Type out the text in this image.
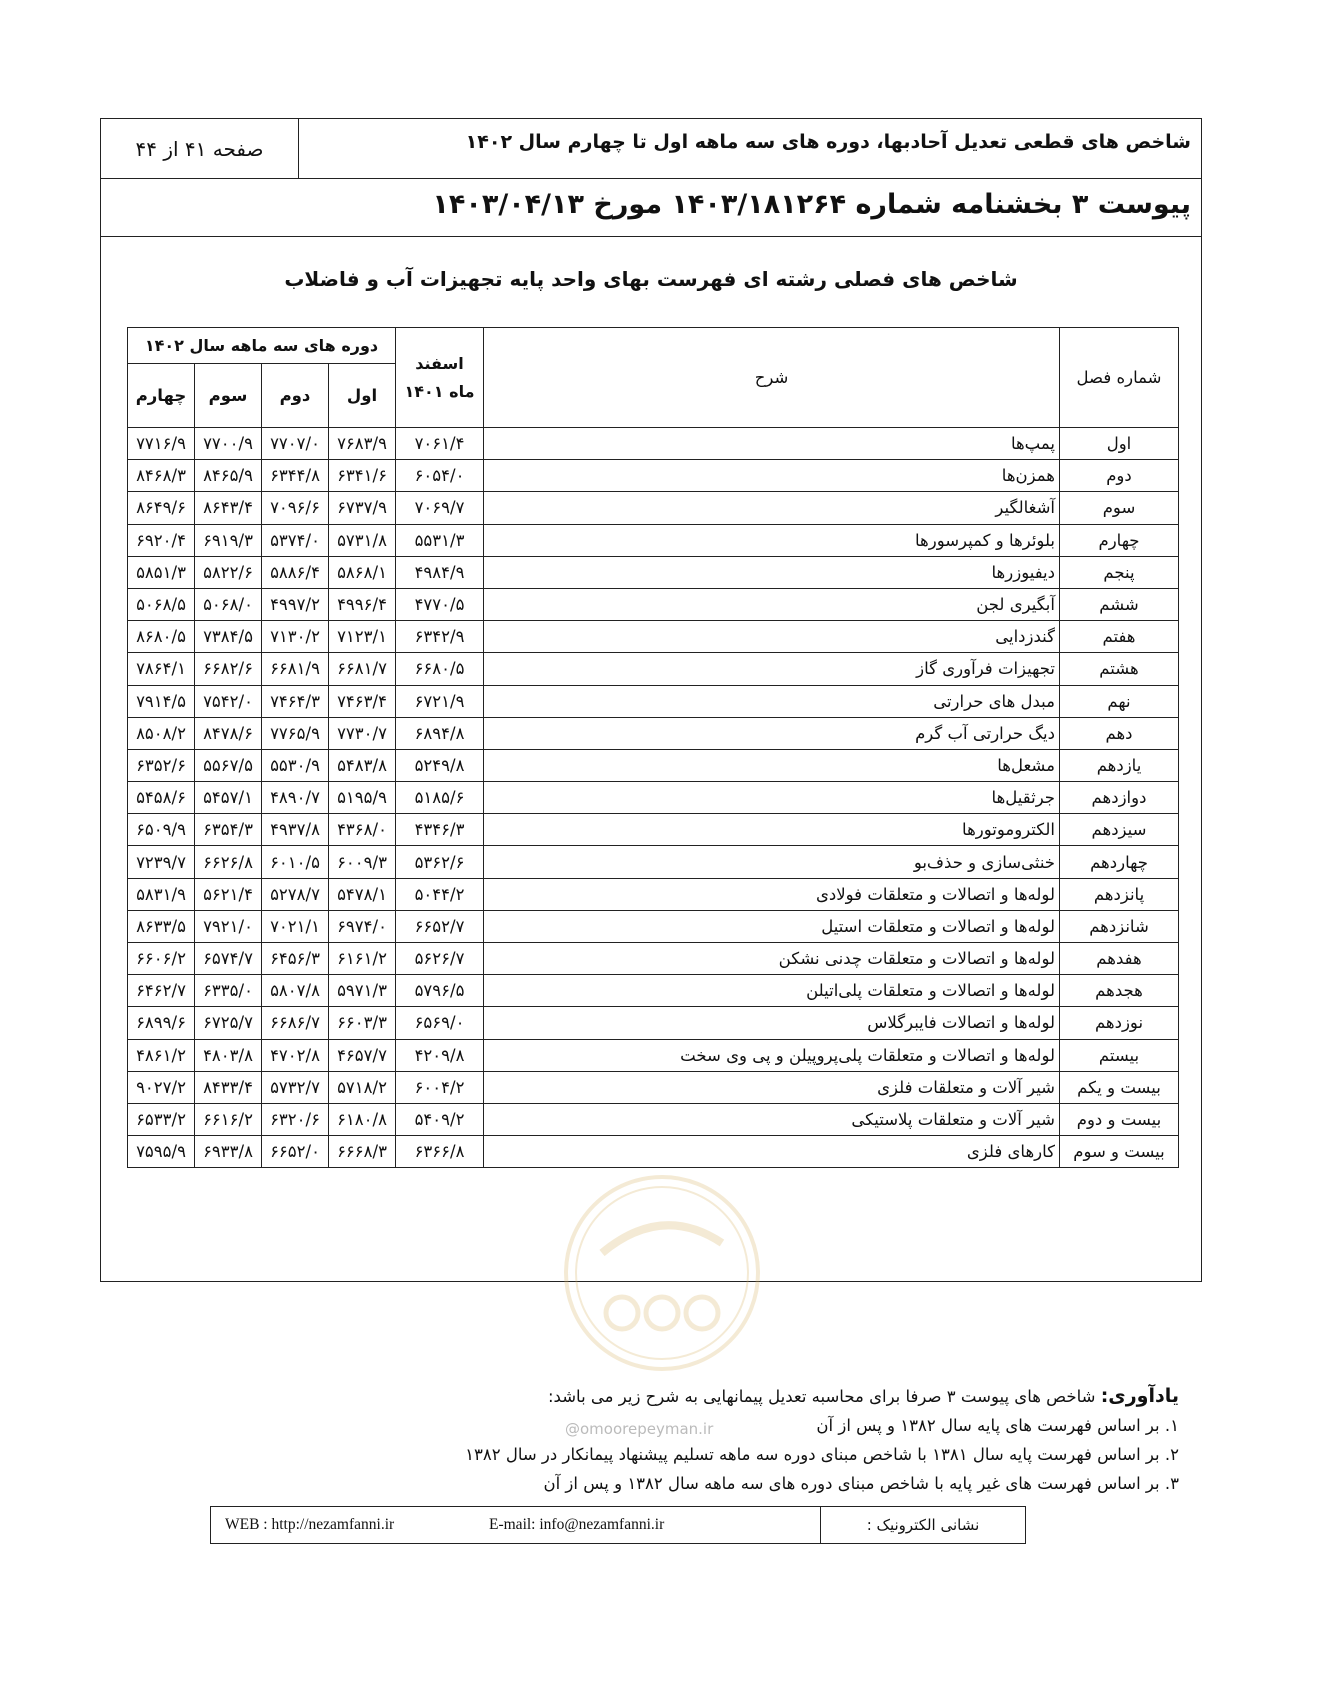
شاخص های قطعی تعدیل آحادبها، دوره های سه ماهه اول تا چهارم سال ۱۴۰۲
صفحه ۴۱ از ۴۴
پیوست ۳ بخشنامه شماره ۱۴۰۳/۱۸۱۲۶۴ مورخ ۱۴۰۳/۰۴/۱۳
شاخص های فصلی رشته ای فهرست بهای واحد پایه تجهیزات آب و فاضلاب
شماره فصل	شرح	اسفند ماه ۱۴۰۱	دوره های سه ماهه سال ۱۴۰۲			
			اول	دوم	سوم	چهارم
اول	پمپ‌ها	۷۰۶۱/۴	۷۶۸۳/۹	۷۷۰۷/۰	۷۷۰۰/۹	۷۷۱۶/۹
دوم	همزن‌ها	۶۰۵۴/۰	۶۳۴۱/۶	۶۳۴۴/۸	۸۴۶۵/۹	۸۴۶۸/۳
سوم	آشغالگیر	۷۰۶۹/۷	۶۷۳۷/۹	۷۰۹۶/۶	۸۶۴۳/۴	۸۶۴۹/۶
چهارم	بلوئرها و کمپرسورها	۵۵۳۱/۳	۵۷۳۱/۸	۵۳۷۴/۰	۶۹۱۹/۳	۶۹۲۰/۴
پنجم	دیفیوزرها	۴۹۸۴/۹	۵۸۶۸/۱	۵۸۸۶/۴	۵۸۲۲/۶	۵۸۵۱/۳
ششم	آبگیری لجن	۴۷۷۰/۵	۴۹۹۶/۴	۴۹۹۷/۲	۵۰۶۸/۰	۵۰۶۸/۵
هفتم	گندزدایی	۶۳۴۲/۹	۷۱۲۳/۱	۷۱۳۰/۲	۷۳۸۴/۵	۸۶۸۰/۵
هشتم	تجهیزات فرآوری گاز	۶۶۸۰/۵	۶۶۸۱/۷	۶۶۸۱/۹	۶۶۸۲/۶	۷۸۶۴/۱
نهم	مبدل های حرارتی	۶۷۲۱/۹	۷۴۶۳/۴	۷۴۶۴/۳	۷۵۴۲/۰	۷۹۱۴/۵
دهم	دیگ حرارتی آب گرم	۶۸۹۴/۸	۷۷۳۰/۷	۷۷۶۵/۹	۸۴۷۸/۶	۸۵۰۸/۲
یازدهم	مشعل‌ها	۵۲۴۹/۸	۵۴۸۳/۸	۵۵۳۰/۹	۵۵۶۷/۵	۶۳۵۲/۶
دوازدهم	جرثقیل‌ها	۵۱۸۵/۶	۵۱۹۵/۹	۴۸۹۰/۷	۵۴۵۷/۱	۵۴۵۸/۶
سیزدهم	الکتروموتورها	۴۳۴۶/۳	۴۳۶۸/۰	۴۹۳۷/۸	۶۳۵۴/۳	۶۵۰۹/۹
چهاردهم	خنثی‌سازی و حذف‌بو	۵۳۶۲/۶	۶۰۰۹/۳	۶۰۱۰/۵	۶۶۲۶/۸	۷۲۳۹/۷
پانزدهم	لوله‌ها و اتصالات و متعلقات فولادی	۵۰۴۴/۲	۵۴۷۸/۱	۵۲۷۸/۷	۵۶۲۱/۴	۵۸۳۱/۹
شانزدهم	لوله‌ها و اتصالات و متعلقات استیل	۶۶۵۲/۷	۶۹۷۴/۰	۷۰۲۱/۱	۷۹۲۱/۰	۸۶۳۳/۵
هفدهم	لوله‌ها و اتصالات و متعلقات چدنی نشکن	۵۶۲۶/۷	۶۱۶۱/۲	۶۴۵۶/۳	۶۵۷۴/۷	۶۶۰۶/۲
هجدهم	لوله‌ها و اتصالات و متعلقات پلی‌اتیلن	۵۷۹۶/۵	۵۹۷۱/۳	۵۸۰۷/۸	۶۳۳۵/۰	۶۴۶۲/۷
نوزدهم	لوله‌ها و اتصالات فایبرگلاس	۶۵۶۹/۰	۶۶۰۳/۳	۶۶۸۶/۷	۶۷۲۵/۷	۶۸۹۹/۶
بیستم	لوله‌ها و اتصالات و متعلقات پلی‌پروپیلن و پی وی سخت	۴۲۰۹/۸	۴۶۵۷/۷	۴۷۰۲/۸	۴۸۰۳/۸	۴۸۶۱/۲
بیست و یکم	شیر آلات و متعلقات فلزی	۶۰۰۴/۲	۵۷۱۸/۲	۵۷۳۲/۷	۸۴۳۳/۴	۹۰۲۷/۲
بیست و دوم	شیر آلات و متعلقات پلاستیکی	۵۴۰۹/۲	۶۱۸۰/۸	۶۳۲۰/۶	۶۶۱۶/۲	۶۵۳۳/۲
بیست و سوم	کارهای فلزی	۶۳۶۶/۸	۶۶۶۸/۳	۶۶۵۲/۰	۶۹۳۳/۸	۷۵۹۵/۹
@omoorepeyman.ir
یادآوری: شاخص های پیوست ۳ صرفا برای محاسبه تعدیل پیمانهایی به شرح زیر می باشد:
۱. بر اساس فهرست های پایه سال ۱۳۸۲ و پس از آن
۲. بر اساس فهرست پایه سال ۱۳۸۱ با شاخص مبنای دوره سه ماهه تسلیم پیشنهاد پیمانکار در سال ۱۳۸۲
۳. بر اساس فهرست های غیر پایه با شاخص مبنای دوره های سه ماهه سال ۱۳۸۲ و پس از آن
WEB : http://nezamfanni.ir	E-mail: info@nezamfanni.ir	نشانی الکترونیک :
